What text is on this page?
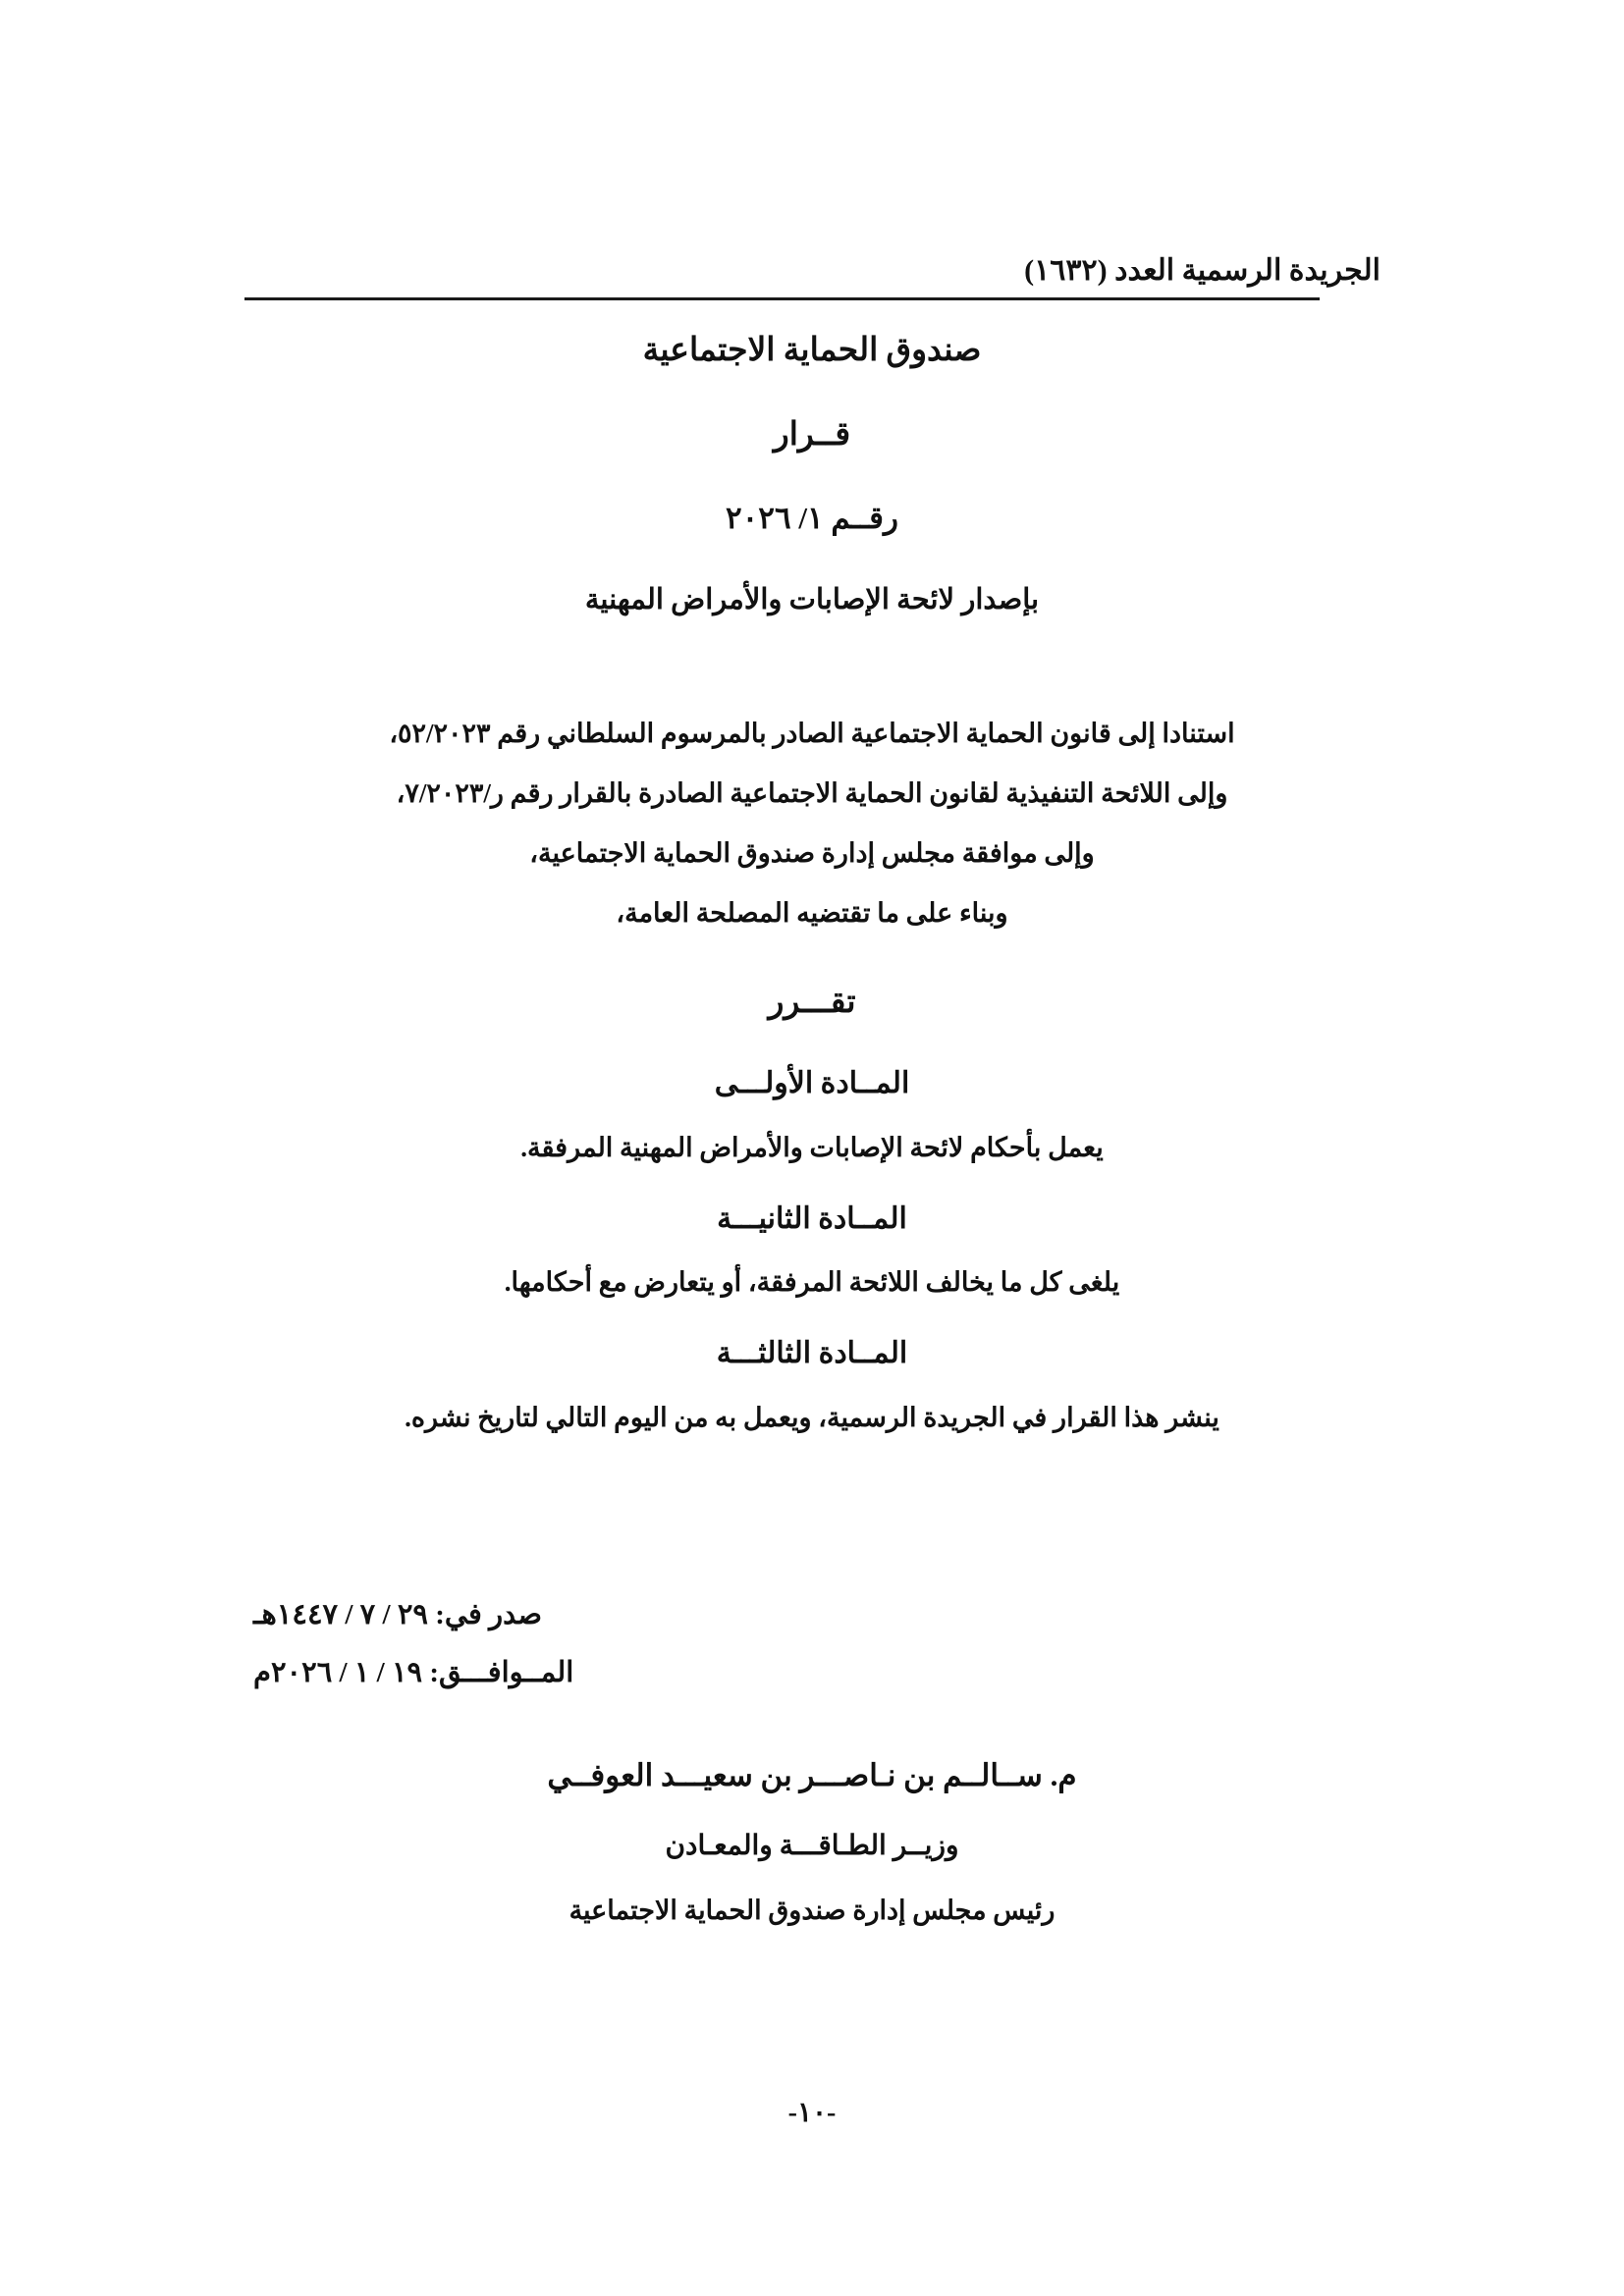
الجريدة الرسمية العدد (١٦٣٢)
صندوق الحماية الاجتماعية
قــرار
رقــم ١/ ٢٠٢٦
بإصدار لائحة الإصابات والأمراض المهنية

استنادا إلى قانون الحماية الاجتماعية الصادر بالمرسوم السلطاني رقم ٥٢/٢٠٢٣،

وإلى اللائحة التنفيذية لقانون الحماية الاجتماعية الصادرة بالقرار رقم ر/٧/٢٠٢٣،

وإلى موافقة مجلس إدارة صندوق الحماية الاجتماعية،

وبناء على ما تقتضيه المصلحة العامة،

تقـــرر
المــادة الأولـــى
يعمل بأحكام لائحة الإصابات والأمراض المهنية المرفقة.
المــادة الثانيـــة
يلغى كل ما يخالف اللائحة المرفقة، أو يتعارض مع أحكامها.
المــادة الثالثـــة
ينشر هذا القرار في الجريدة الرسمية، ويعمل به من اليوم التالي لتاريخ نشره.
صدر في: ٢٩ / ٧ / ١٤٤٧هـ
المــوافـــق: ١٩ / ١ / ٢٠٢٦م
م. ســالــم بن نـاصـــر بن سعيـــد العوفــي
وزيــر الطـاقـــة والمعـادن
رئيس مجلس إدارة صندوق الحماية الاجتماعية
-١٠-
